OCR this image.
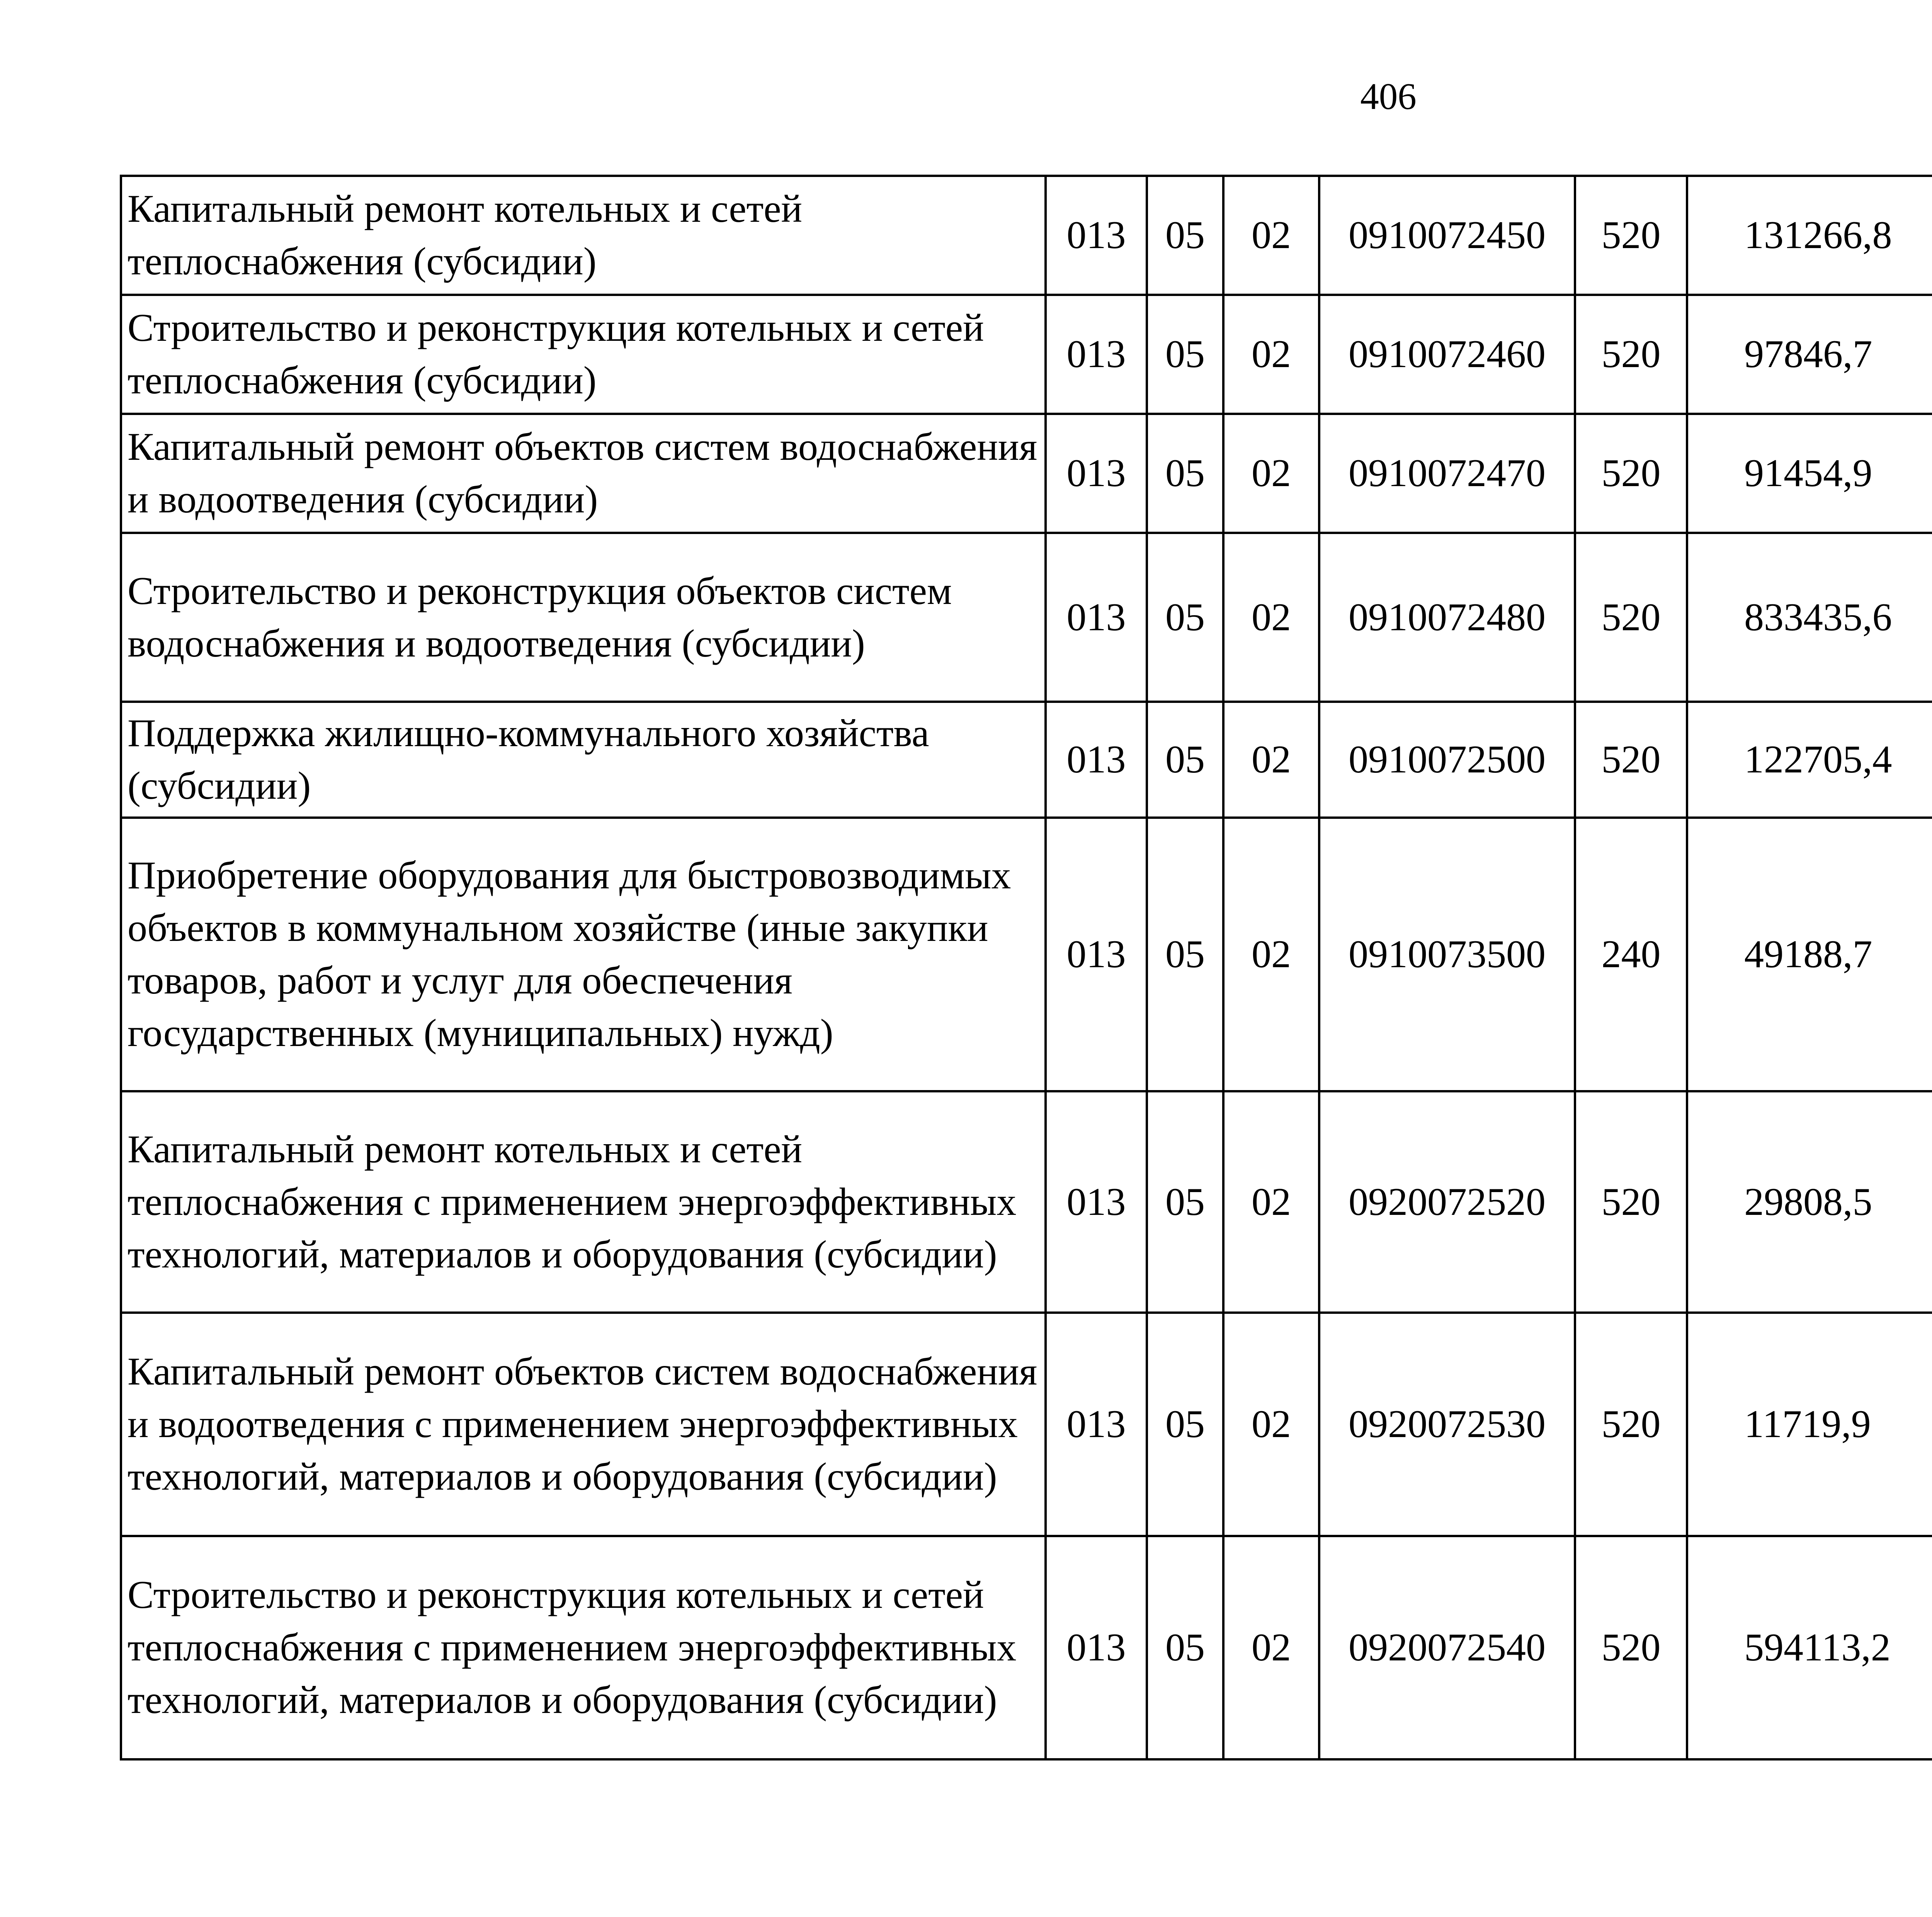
406
Капитальный ремонт котельных и сетей теплоснабжения (субсидии)	013	05	02	0910072450	520	131266,8		
Строительство и реконструкция котельных и сетей теплоснабжения (субсидии)	013	05	02	0910072460	520	97846,7		
Капитальный ремонт объектов систем водоснабжения и водоотведения (субсидии)	013	05	02	0910072470	520	91454,9		
Строительство и реконструкция объектов систем водоснабжения и водоотведения (субсидии)	013	05	02	0910072480	520	833435,6		
Поддержка жилищно-коммунального хозяйства (субсидии)	013	05	02	0910072500	520	122705,4		
Приобретение оборудования для быстровозводимых объектов в коммунальном хозяйстве (иные закупки товаров, работ и услуг для обеспечения государственных (муниципальных) нужд)	013	05	02	0910073500	240	49188,7		
Капитальный ремонт котельных и сетей теплоснабжения с применением энергоэффективных технологий, материалов и оборудования (субсидии)	013	05	02	0920072520	520	29808,5		
Капитальный ремонт объектов систем водоснабжения и водоотведения с применением энергоэффективных технологий, материалов и оборудования (субсидии)	013	05	02	0920072530	520	11719,9		
Строительство и реконструкция котельных и сетей теплоснабжения с применением энергоэффективных технологий, материалов и оборудования (субсидии)	013	05	02	0920072540	520	594113,2		
